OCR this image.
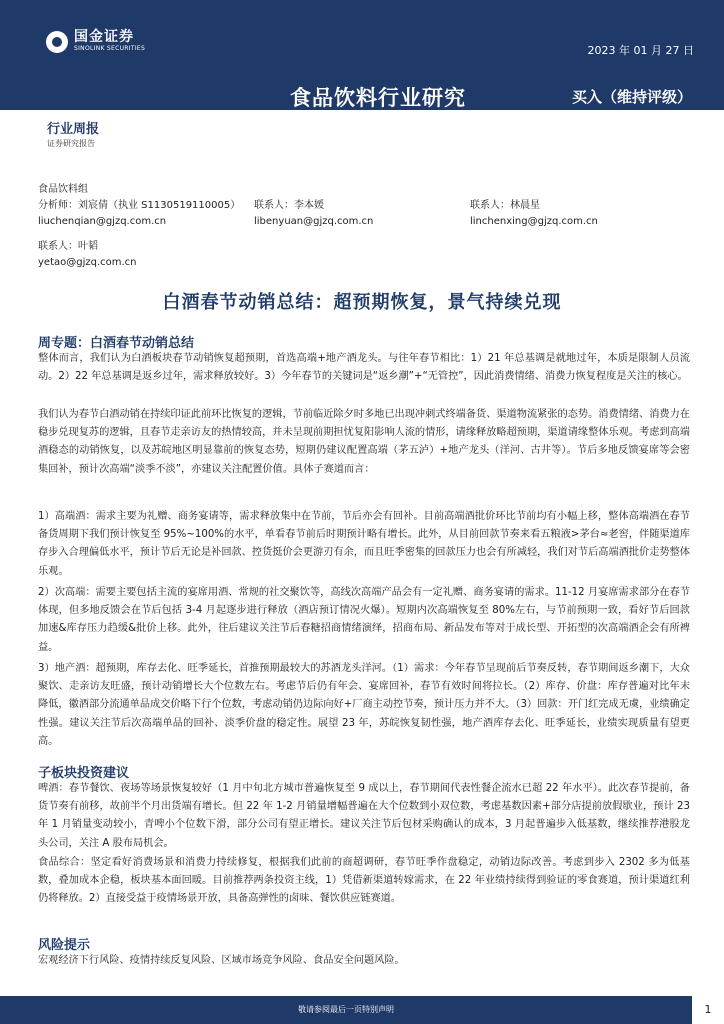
国金证券
SINOLINK SECURITIES	2023 年 01 月 27 日
食品饮料行业研究	买入（维持评级）
行业周报
证券研究报告
食品饮料组
分析师：刘宸倩（执业 S1130519110005） 联系人：李本媛	联系人：林晨星
liuchenqian@gjzq.com.cn	libenyuan@gjzq.com.cn	linchenxing@gjzq.com.cn
联系人：叶韬
yetao@gjzq.com.cn
白酒春节动销总结：超预期恢复，景气持续兑现
周专题：白酒春节动销总结
整体而言，我们认为白酒板块春节动销恢复超预期，首选高端+地产酒龙头。与往年春节相比：1）21 年总基调是就地过年，本质是限制人员流动。2）22 年总基调是返乡过年，需求释放较好。3）今年春节的关键词是“返乡潮”+“无管控”，因此消费情绪、消费力恢复程度是关注的核心。
我们认为春节白酒动销在持续印证此前环比恢复的逻辑，节前临近除夕时多地已出现冲刺式终端备货、渠道物流紧张的态势。消费情绪、消费力在稳步兑现复苏的逻辑，且春节走亲访友的热情较高，并未呈现前期担忧复阳影响人流的情形，请缘释放略超预期，渠道请缘整体乐观。考虑到高端酒稳态的动销恢复，以及苏皖地区明显靠前的恢复态势，短期仍建议配置高端（茅五泸）+地产龙头（洋河、古井等）。节后多地反馈宴席等会密集回补，预计次高端“淡季不淡”，亦建议关注配置价值。具体子赛道而言：
1）高端酒：需求主要为礼赠、商务宴请等，需求释放集中在节前，节后亦会有回补。目前高端酒批价环比节前均有小幅上移，整体高端酒在春节备货周期下我们预计恢复至 95%~100%的水平，单看春节前后时期预计略有增长。此外，从目前回款节奏来看五粮液>茅台≈老窖，伴随渠道库存步入合理偏低水平，预计节后无论是补回款、控货挺价会更游刃有余，而且旺季密集的回款压力也会有所减轻，我们对节后高端酒批价走势整体乐观。
2）次高端：需要主要包括主流的宴席用酒、常规的社交聚饮等，高线次高端产品会有一定礼赠、商务宴请的需求。11-12 月宴席需求部分在春节体现，但多地反馈会在节后包括 3-4 月起逐步进行释放（酒店预订情况火爆）。短期内次高端恢复至 80%左右，与节前预期一致，看好节后回款加速&库存压力趋缓&批价上移。此外，往后建议关注节后春糖招商情绪演绎，招商布局、新品发布等对于成长型、开拓型的次高端酒企会有所裨益。
3）地产酒：超预期，库存去化、旺季延长，首推预期最较大的苏酒龙头洋河。（1）需求：今年春节呈现前后节奏反转，春节期间返乡潮下，大众聚饮、走亲访友旺盛，预计动销增长大个位数左右。考虑节后仍有年会、宴席回补，春节有效时间将拉长。（2）库存、价盘：库存普遍对比年末降低，徽酒部分流通单品成交价略下行个位数，考虑动销仍边际向好+厂商主动控节奏，预计压力并不大。（3）回款：开门红完成无虞，业绩确定性强。建议关注节后次高端单品的回补、淡季价盘的稳定性。展望 23 年，苏皖恢复韧性强，地产酒库存去化、旺季延长，业绩实现质量有望更高。
子板块投资建议
啤酒：春节餐饮、夜场等场景恢复较好（1 月中旬北方城市普遍恢复至 9 成以上，春节期间代表性餐企流水已超 22 年水平）。此次春节提前，备货节奏有前移，故前半个月出货端有增长。但 22 年 1-2 月销量增幅普遍在大个位数到小双位数，考虑基数因素+部分店提前放假歇业，预计 23 年 1 月销量变动较小，青啤小个位数下滑，部分公司有望正增长。建议关注节后包材采购确认的成本，3 月起普遍步入低基数，继续推荐港股龙头公司，关注 A 股布局机会。
食品综合：坚定看好消费场景和消费力持续修复，根据我们此前的商超调研，春节旺季作盘稳定，动销边际改善。考虑到步入 2302 多为低基数，叠加成本企稳，板块基本面回暖。目前推荐两条投资主线，1）凭借新渠道转嫁需求，在 22 年业绩持续得到验证的零食赛道，预计渠道红利仍将释放。2）直接受益于疫情场景开放，具备高弹性的卤味、餐饮供应链赛道。
风险提示
宏观经济下行风险、疫情持续反复风险、区域市场竞争风险、食品安全问题风险。
敬请参阅最后一页特别声明	1
